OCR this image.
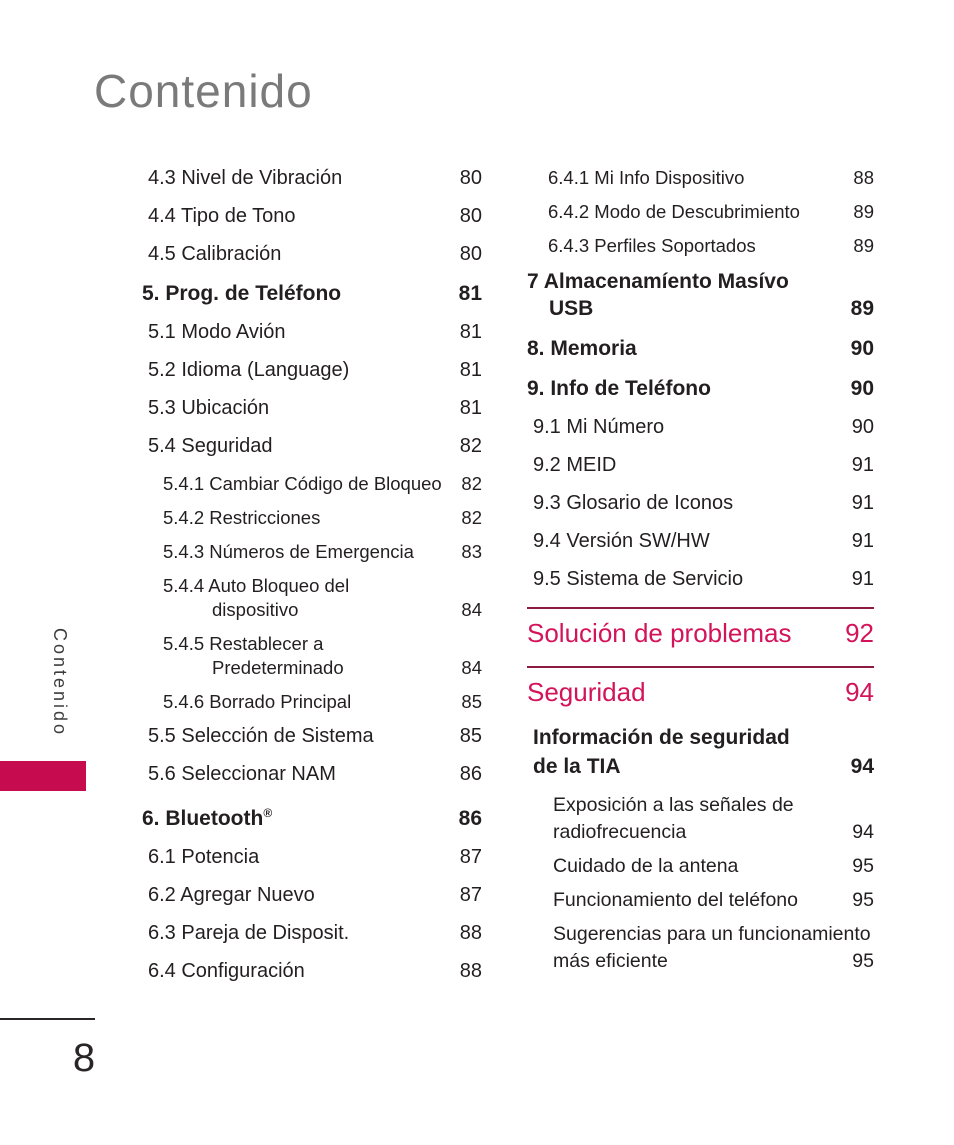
Contenido
Contenido
4.3 Nivel de Vibración	80
4.4 Tipo de Tono	80
4.5 Calibración	80
5. Prog. de Teléfono	81
5.1 Modo Avión	81
5.2 Idioma (Language)	81
5.3 Ubicación	81
5.4 Seguridad	82
5.4.1 Cambiar Código de Bloqueo	82
5.4.2 Restricciones	82
5.4.3 Números de Emergencia	83
5.4.4 Auto Bloqueo del
dispositivo	84
5.4.5 Restablecer a
Predeterminado	84
5.4.6 Borrado Principal	85
5.5 Selección de Sistema	85
5.6 Seleccionar NAM	86
6. Bluetooth®	86
6.1 Potencia	87
6.2 Agregar Nuevo	87
6.3 Pareja de Disposit.	88
6.4 Configuración	88
6.4.1 Mi Info Dispositivo	88
6.4.2 Modo de Descubrimiento	89
6.4.3 Perfiles Soportados	89
7 Almacenamíento Masívo
USB	89
8. Memoria	90
9. Info de Teléfono	90
9.1 Mi Número	90
9.2 MEID	91
9.3 Glosario de Iconos	91
9.4 Versión SW/HW	91
9.5 Sistema de Servicio	91
Solución de problemas 92
Seguridad	94
Información de seguridad
de la TIA	94
Exposición a las señales de
radiofrecuencia	94
Cuidado de la antena	95
Funcionamiento del teléfono	95
Sugerencias para un funcionamiento
más eficiente	95
8
